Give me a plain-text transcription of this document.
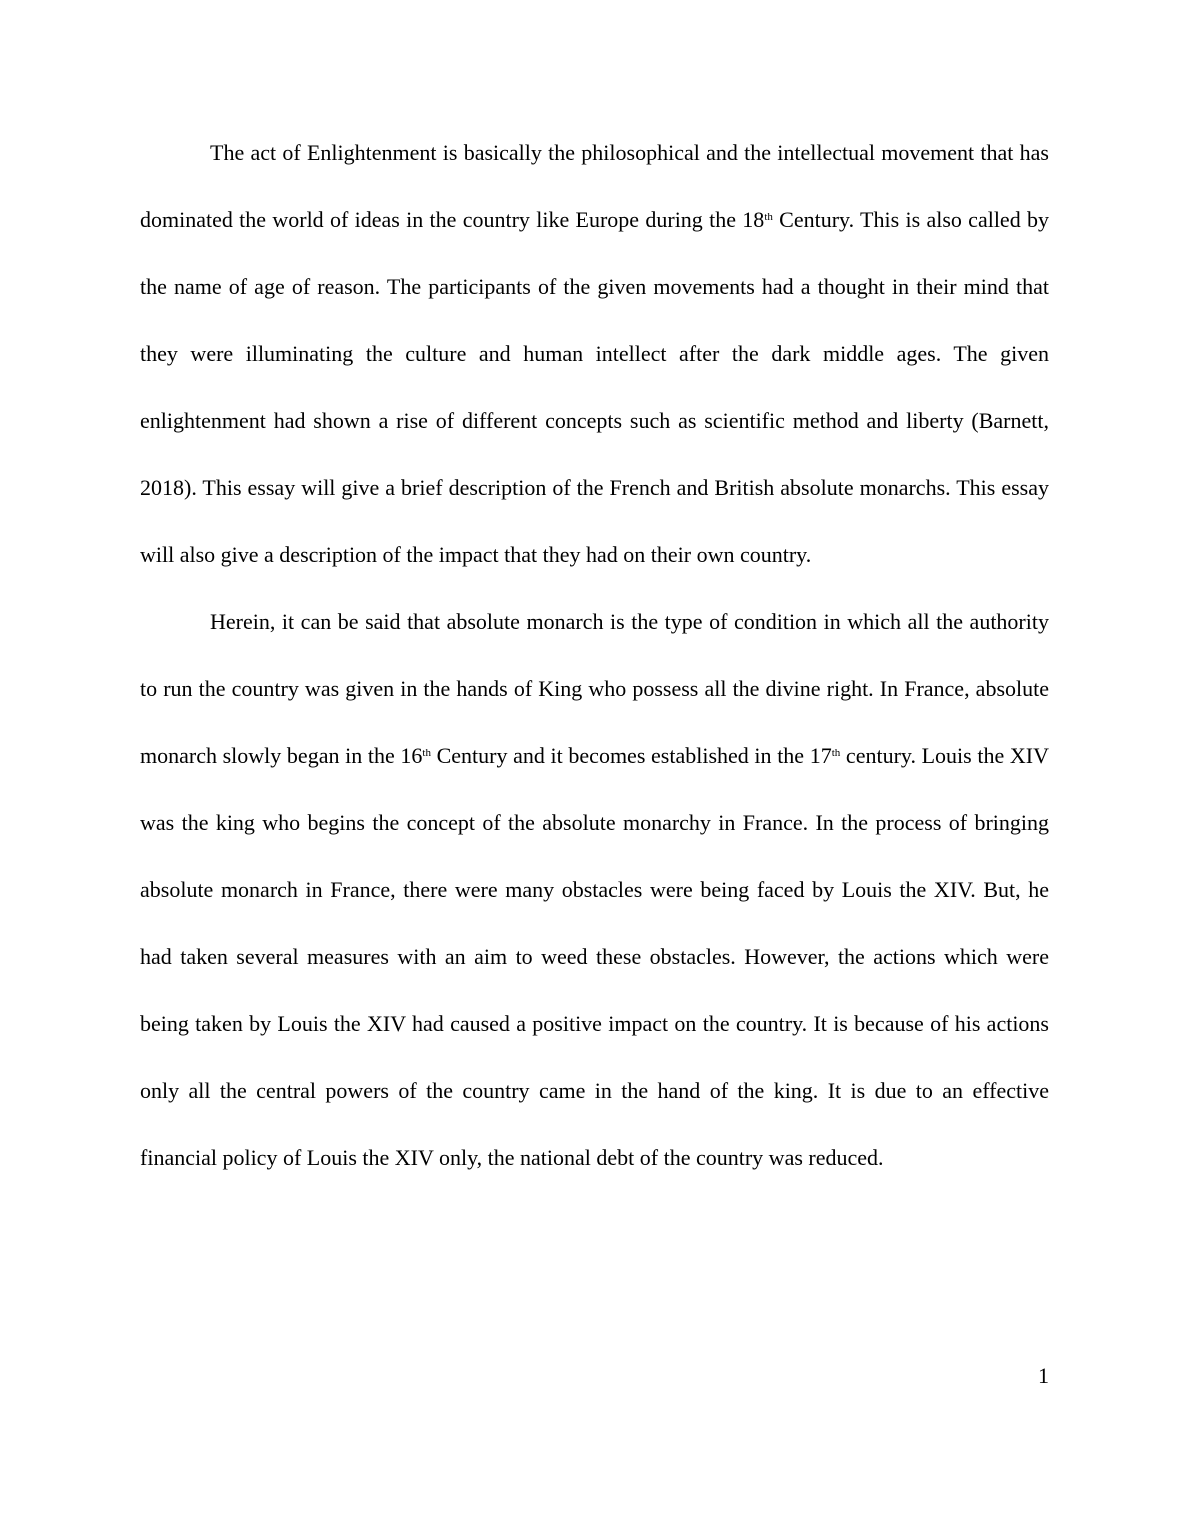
The act of Enlightenment is basically the philosophical and the intellectual movement that has dominated the world of ideas in the country like Europe during the 18th Century. This is also called by the name of age of reason. The participants of the given movements had a thought in their mind that they were illuminating the culture and human intellect after the dark middle ages. The given enlightenment had shown a rise of different concepts such as scientific method and liberty (Barnett, 2018). This essay will give a brief description of the French and British absolute monarchs. This essay will also give a description of the impact that they had on their own country.

Herein, it can be said that absolute monarch is the type of condition in which all the authority to run the country was given in the hands of King who possess all the divine right. In France, absolute monarch slowly began in the 16th Century and it becomes established in the 17th century. Louis the XIV was the king who begins the concept of the absolute monarchy in France. In the process of bringing absolute monarch in France, there were many obstacles were being faced by Louis the XIV. But, he had taken several measures with an aim to weed these obstacles. However, the actions which were being taken by Louis the XIV had caused a positive impact on the country. It is because of his actions only all the central powers of the country came in the hand of the king. It is due to an effective financial policy of Louis the XIV only, the national debt of the country was reduced.

1
